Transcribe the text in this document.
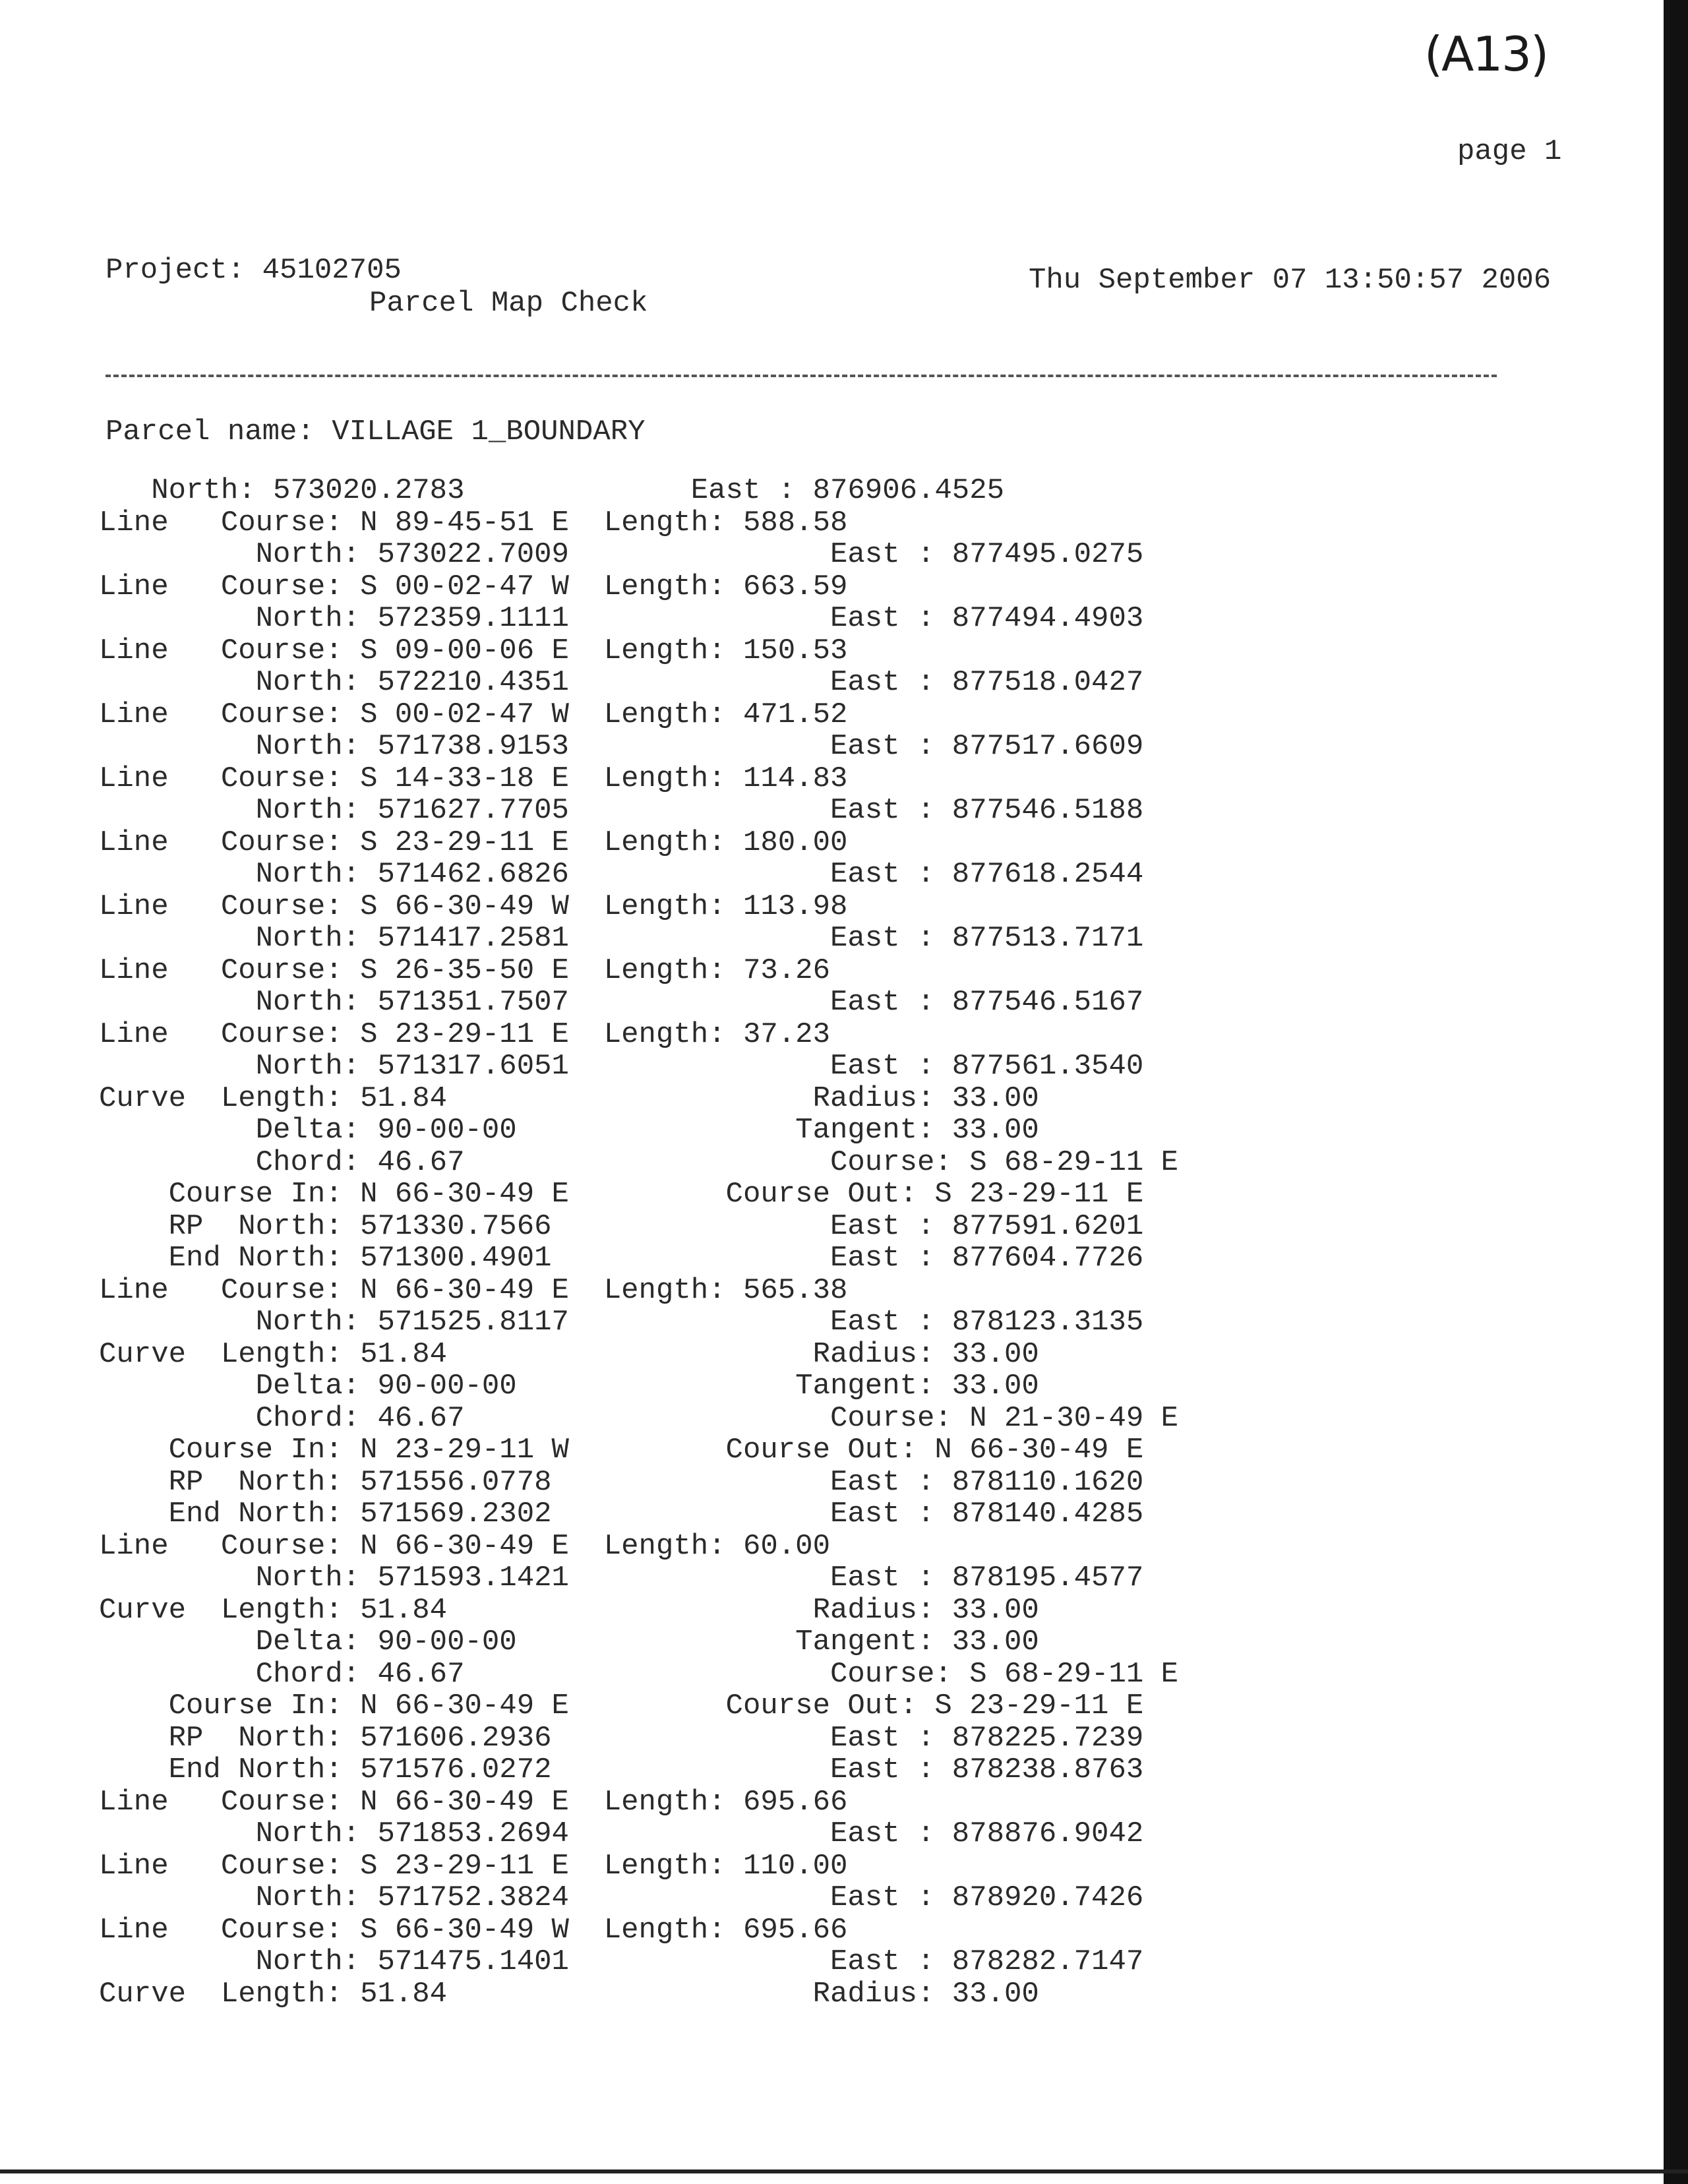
(A13)
page 1
Project: 45102705
Parcel Map Check
Thu September 07 13:50:57 2006
Parcel name: VILLAGE 1_BOUNDARY
North: 573020.2783             East : 876906.4525
Line   Course: N 89-45-51 E  Length: 588.58
North: 573022.7009               East : 877495.0275
Line   Course: S 00-02-47 W  Length: 663.59
North: 572359.1111               East : 877494.4903
Line   Course: S 09-00-06 E  Length: 150.53
North: 572210.4351               East : 877518.0427
Line   Course: S 00-02-47 W  Length: 471.52
North: 571738.9153               East : 877517.6609
Line   Course: S 14-33-18 E  Length: 114.83
North: 571627.7705               East : 877546.5188
Line   Course: S 23-29-11 E  Length: 180.00
North: 571462.6826               East : 877618.2544
Line   Course: S 66-30-49 W  Length: 113.98
North: 571417.2581               East : 877513.7171
Line   Course: S 26-35-50 E  Length: 73.26
North: 571351.7507               East : 877546.5167
Line   Course: S 23-29-11 E  Length: 37.23
North: 571317.6051               East : 877561.3540
Curve  Length: 51.84                     Radius: 33.00
Delta: 90-00-00                Tangent: 33.00
Chord: 46.67                     Course: S 68-29-11 E
Course In: N 66-30-49 E         Course Out: S 23-29-11 E
RP  North: 571330.7566                East : 877591.6201
End North: 571300.4901                East : 877604.7726
Line   Course: N 66-30-49 E  Length: 565.38
North: 571525.8117               East : 878123.3135
Curve  Length: 51.84                     Radius: 33.00
Delta: 90-00-00                Tangent: 33.00
Chord: 46.67                     Course: N 21-30-49 E
Course In: N 23-29-11 W         Course Out: N 66-30-49 E
RP  North: 571556.0778                East : 878110.1620
End North: 571569.2302                East : 878140.4285
Line   Course: N 66-30-49 E  Length: 60.00
North: 571593.1421               East : 878195.4577
Curve  Length: 51.84                     Radius: 33.00
Delta: 90-00-00                Tangent: 33.00
Chord: 46.67                     Course: S 68-29-11 E
Course In: N 66-30-49 E         Course Out: S 23-29-11 E
RP  North: 571606.2936                East : 878225.7239
End North: 571576.0272                East : 878238.8763
Line   Course: N 66-30-49 E  Length: 695.66
North: 571853.2694               East : 878876.9042
Line   Course: S 23-29-11 E  Length: 110.00
North: 571752.3824               East : 878920.7426
Line   Course: S 66-30-49 W  Length: 695.66
North: 571475.1401               East : 878282.7147
Curve  Length: 51.84                     Radius: 33.00
